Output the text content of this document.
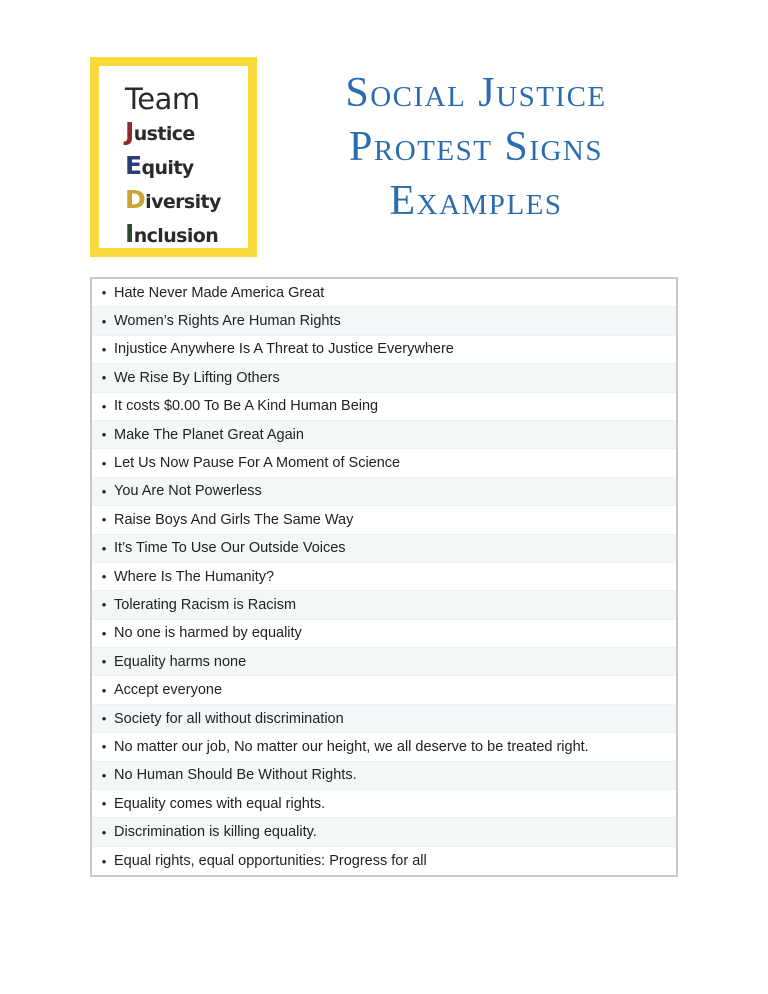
Team
Justice
Equity
Diversity
Inclusion
Social Justice
Protest Signs
Examples
• Hate Never Made America Great
• Women’s Rights Are Human Rights
• Injustice Anywhere Is A Threat to Justice Everywhere
• We Rise By Lifting Others
• It costs $0.00 To Be A Kind Human Being
• Make The Planet Great Again
• Let Us Now Pause For A Moment of Science
• You Are Not Powerless
• Raise Boys And Girls The Same Way
• It’s Time To Use Our Outside Voices
• Where Is The Humanity?
• Tolerating Racism is Racism
• No one is harmed by equality
• Equality harms none
• Accept everyone
• Society for all without discrimination
• No matter our job, No matter our height, we all deserve to be treated right.
• No Human Should Be Without Rights.
• Equality comes with equal rights.
• Discrimination is killing equality.
• Equal rights, equal opportunities: Progress for all
